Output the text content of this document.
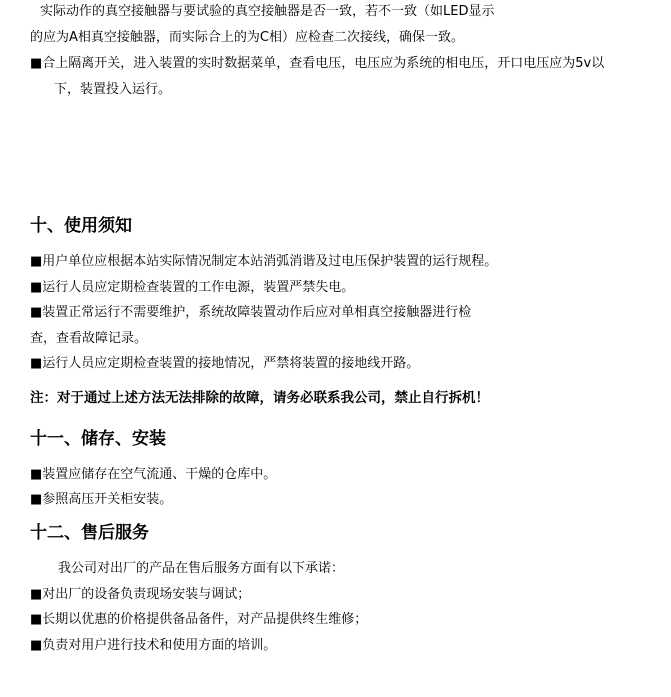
实际动作的真空接触器与要试验的真空接触器是否一致，若不一致（如LED显示
的应为A相真空接触器，而实际合上的为C相）应检查二次接线，确保一致。
■合上隔离开关，进入装置的实时数据菜单，查看电压，电压应为系统的相电压，开口电压应为5v以
下，装置投入运行。
十、使用须知
■用户单位应根据本站实际情况制定本站消弧消谐及过电压保护装置的运行规程。
■运行人员应定期检查装置的工作电源，装置严禁失电。
■装置正常运行不需要维护，系统故障装置动作后应对单相真空接触器进行检
查，查看故障记录。
■运行人员应定期检查装置的接地情况，严禁将装置的接地线开路。
注：对于通过上述方法无法排除的故障，请务必联系我公司，禁止自行拆机！
十一、储存、安装
■装置应储存在空气流通、干燥的仓库中。
■参照高压开关柜安装。
十二、售后服务
我公司对出厂的产品在售后服务方面有以下承诺：
■对出厂的设备负责现场安装与调试；
■长期以优惠的价格提供备品备件，对产品提供终生维修；
■负责对用户进行技术和使用方面的培训。
